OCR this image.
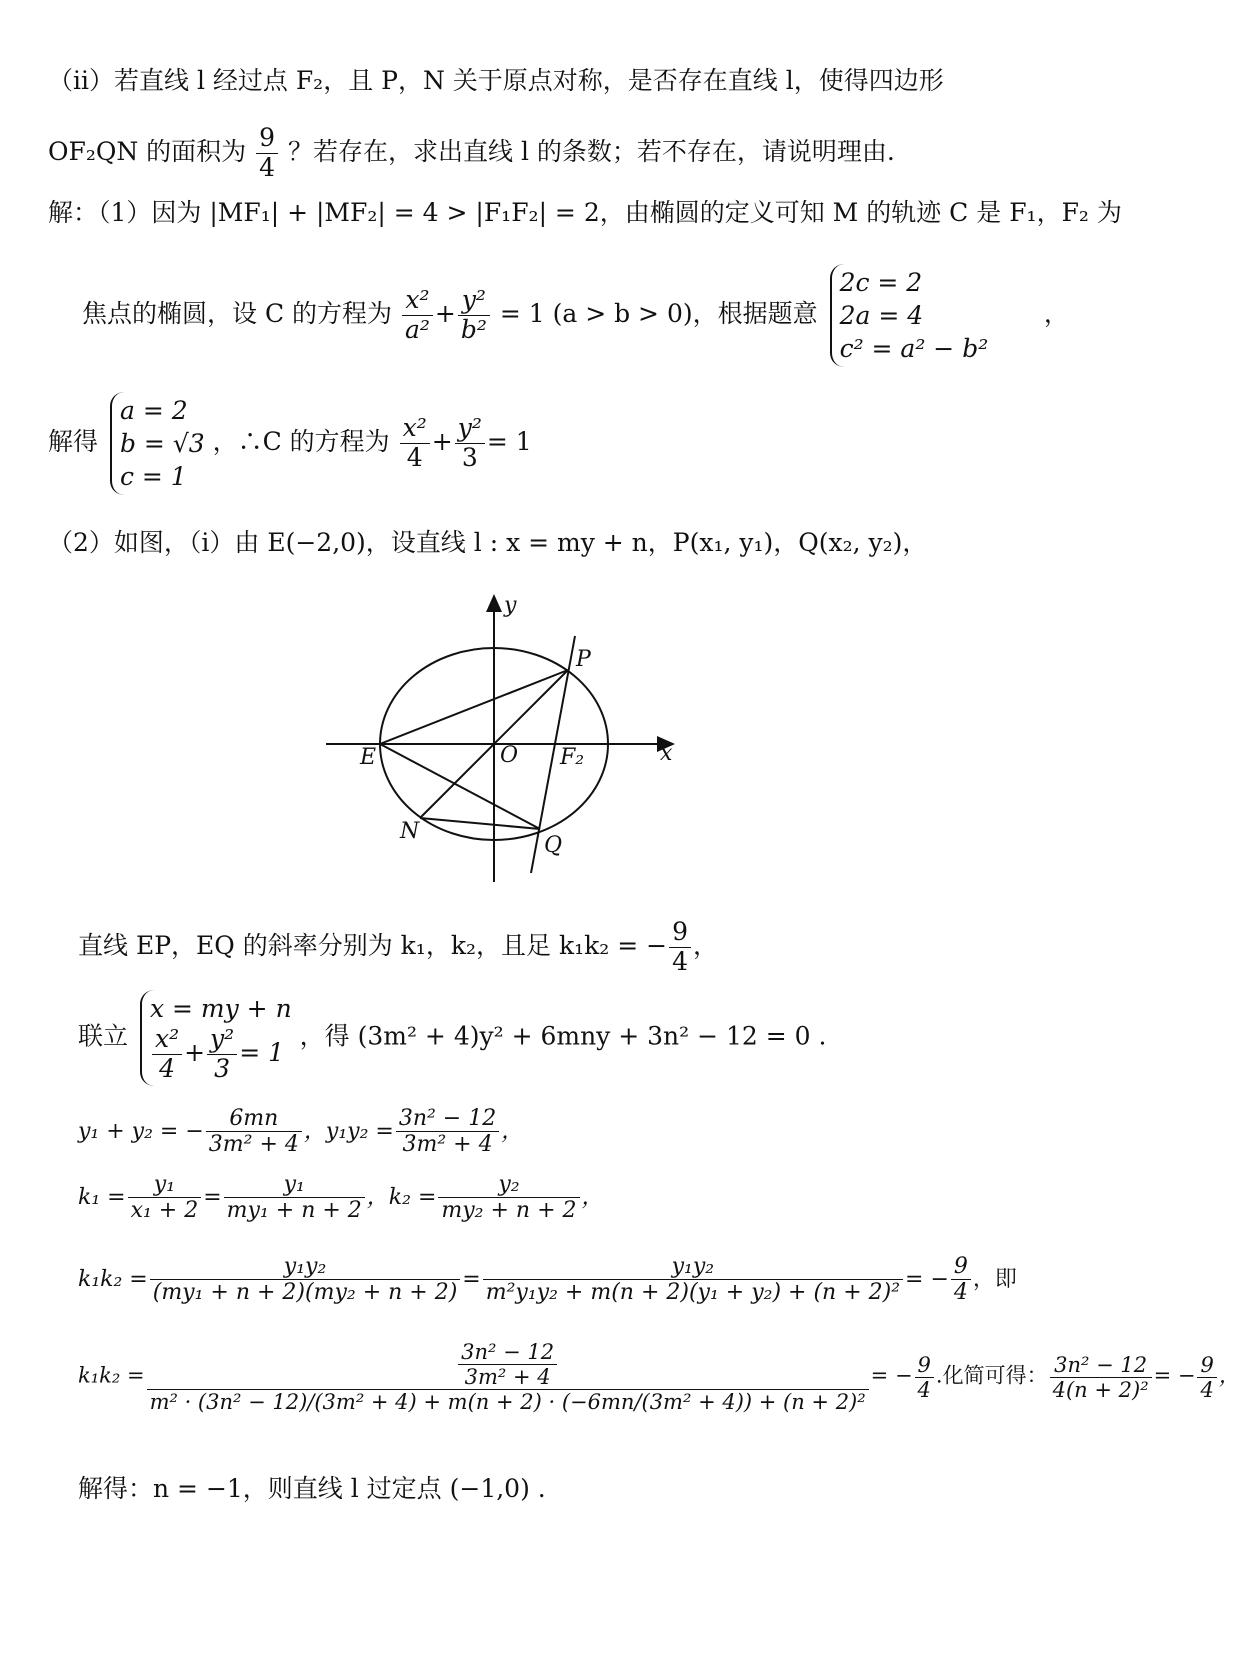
（ii）若直线 l 经过点 F₂，且 P，N 关于原点对称，是否存在直线 l，使得四边形
OF₂QN 的面积为 $\frac{9}{4}$ ？若存在，求出直线 l 的条数；若不存在，请说明理由.
解：（1）因为 |MF₁| + |MF₂| = 4 > |F₁F₂| = 2，由椭圆的定义可知 M 的轨迹 C 是 F₁，F₂ 为
焦点的椭圆，设 C 的方程为 $\frac{\text{x²}}{\text{a²}} + \frac{\text{y²}}{\text{b²}} = 1$ (a > b > 0)，根据题意
2c = 2
2a = 4
c² = a² − b²
，
解得
a = 2
b = √3
c = 1
，∴C 的方程为 $\frac{\text{x²}}{4} + \frac{\text{y²}}{3} = 1$
（2）如图，（i）由 E(−2,0)，设直线 l : x = my + n，P(x₁, y₁)，Q(x₂, y₂)，
y
x
P
E	O F₂
N
Q
直线 EP，EQ 的斜率分别为 k₁，k₂，且足 k₁k₂ = − $\frac{9}{4}$ ，
联立
x = my + n
$\frac{\text{x²}}{4} + \frac{\text{y²}}{3} = 1$
，得 (3m² + 4)y² + 6mny + 3n² − 12 = 0 .
y₁ + y₂ = − $\frac{6mn}{\text{3m² + 4}}$ ，$y_1y_2 = \frac{\text{3n² − 12}}{\text{3m² + 4}}$ ，
$k_1 = \frac{\text{y₁}}{\text{x₁ + 2}} = \frac{\text{y₁}}{\text{my₁ + n + 2}}$ ，$k_2 = \frac{\text{y₂}}{\text{my₂ + n + 2}}$ ，
$k_1k_2 = \frac{\text{y₁y₂}}{\text{(my₁ + n + 2)(my₂ + n + 2)}} = \frac{\text{y₁y₂}}{\text{m²y₁y₂ + m(n + 2)(y₁ + y₂) + (n + 2)²}}$ = − $\frac{9}{4}$ ，即
k₁k₂ =	$\frac{\text{3n² − 12}}{\text{3m² + 4}}$
m² · (3n² − 12)/(3m² + 4) + m(n + 2) · (−6mn/(3m² + 4)) + (n + 2)²
= − $\frac{9}{4}$ .化简可得： $\frac{\text{3n² − 12}}{\text{4(n + 2)²}}$ = − $\frac{9}{4}$ ，
解得：n = −1，则直线 l 过定点 (−1,0) .
